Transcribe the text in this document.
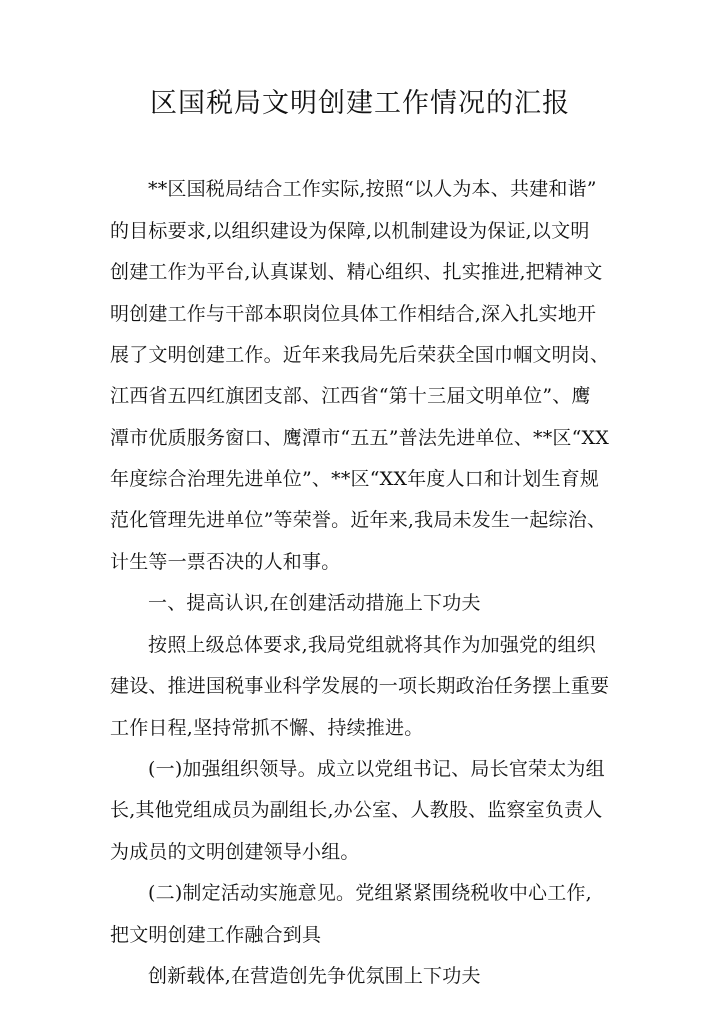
区国税局文明创建工作情况的汇报
**区国税局结合工作实际,按照“以人为本、共建和谐”
的目标要求,以组织建设为保障,以机制建设为保证,以文明
创建工作为平台,认真谋划、精心组织、扎实推进,把精神文
明创建工作与干部本职岗位具体工作相结合,深入扎实地开
展了文明创建工作。近年来我局先后荣获全国巾帼文明岗、
江西省五四红旗团支部、江西省“第十三届文明单位”、鹰
潭市优质服务窗口、鹰潭市“五五”普法先进单位、**区“XX
年度综合治理先进单位”、**区“XX年度人口和计划生育规
范化管理先进单位”等荣誉。近年来,我局未发生一起综治、
计生等一票否决的人和事。
一、提高认识,在创建活动措施上下功夫
按照上级总体要求,我局党组就将其作为加强党的组织
建设、推进国税事业科学发展的一项长期政治任务摆上重要
工作日程,坚持常抓不懈、持续推进。
(一)加强组织领导。成立以党组书记、局长官荣太为组
长,其他党组成员为副组长,办公室、人教股、监察室负责人
为成员的文明创建领导小组。
(二)制定活动实施意见。党组紧紧围绕税收中心工作,
把文明创建工作融合到具
创新载体,在营造创先争优氛围上下功夫
